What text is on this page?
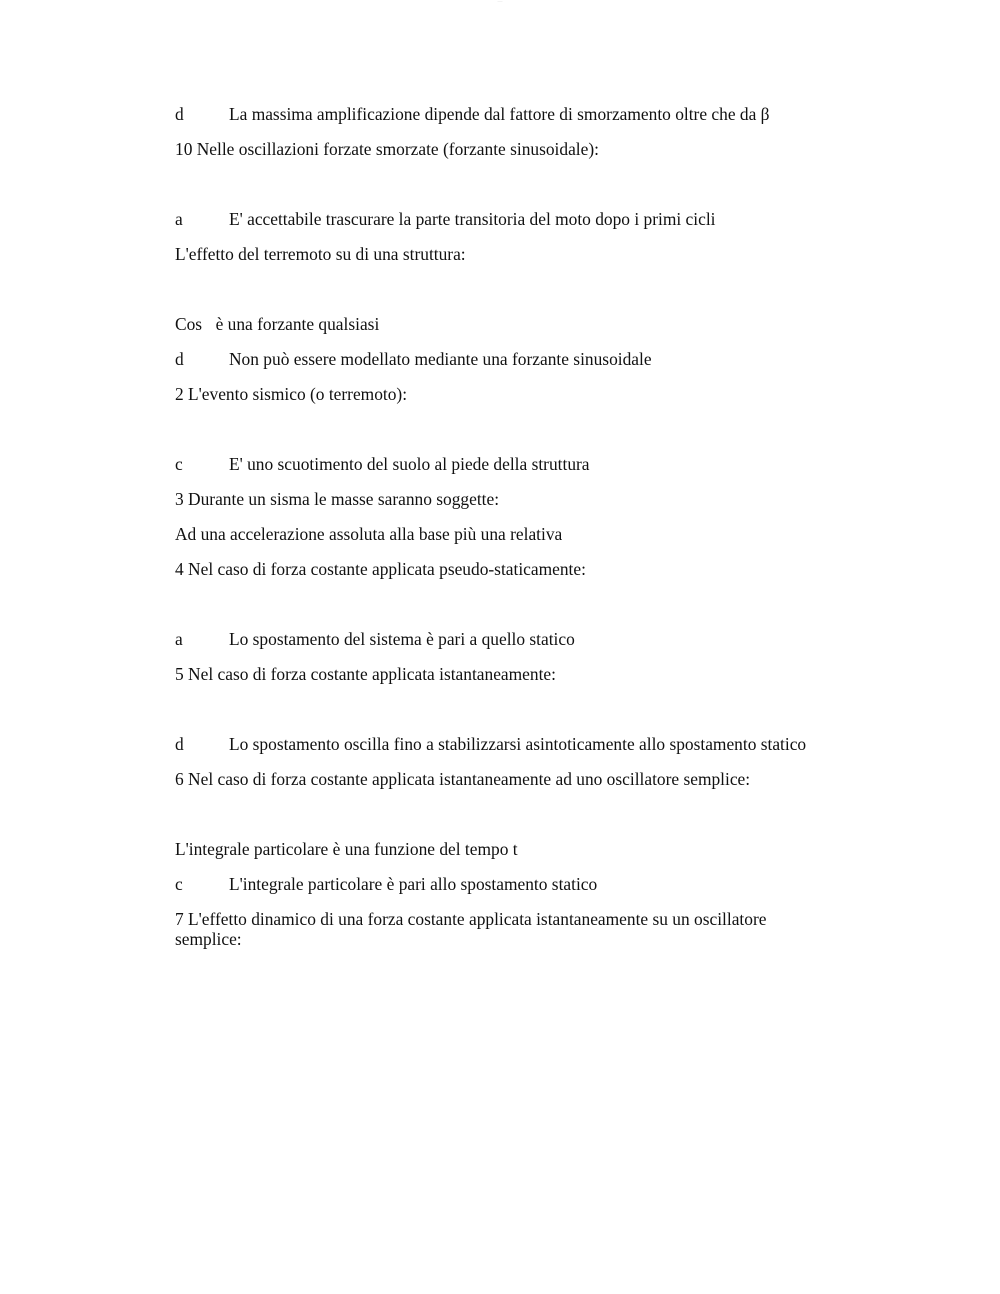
_____

d	La massima amplificazione dipende dal fattore di smorzamento oltre che da β

10 Nelle oscillazioni forzate smorzate (forzante sinusoidale):

a	E' accettabile trascurare la parte transitoria del moto dopo i primi cicli

L'effetto del terremoto su di una struttura:

Cos è una forzante qualsiasi

d	Non può essere modellato mediante una forzante sinusoidale

2 L'evento sismico (o terremoto):

c	E' uno scuotimento del suolo al piede della struttura

3 Durante un sisma le masse saranno soggette:

Ad una accelerazione assoluta alla base più una relativa

4 Nel caso di forza costante applicata pseudo-staticamente:

a	Lo spostamento del sistema è pari a quello statico

5 Nel caso di forza costante applicata istantaneamente:

d	Lo spostamento oscilla fino a stabilizzarsi asintoticamente allo spostamento statico

6 Nel caso di forza costante applicata istantaneamente ad uno oscillatore semplice:

L'integrale particolare è una funzione del tempo t

c	L'integrale particolare è pari allo spostamento statico

7 L'effetto dinamico di una forza costante applicata istantaneamente su un oscillatore semplice:
